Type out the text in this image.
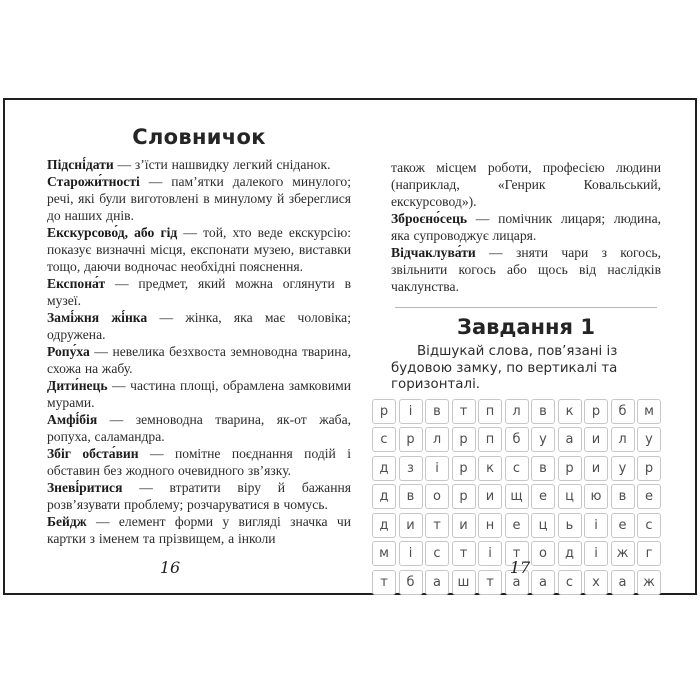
Словничок

Підсні́дати — з’їсти нашвидку легкий сніданок.

Старожи́тності — пам’ятки далекого минулого; речі, які були виготовлені в минулому й збереглися до наших днів.

Екскурсово́д, або гід — той, хто веде екскурсію: показує визначні місця, експонати музею, виставки тощо, даючи водночас необхідні пояснення.

Експона́т — предмет, який можна оглянути в музеї.

Замі́жня жі́нка — жінка, яка має чоловіка; одружена.

Ропу́ха — невелика безхвоста земноводна тварина, схожа на жабу.

Дити́нець — частина площі, обрамлена замковими мурами.

Амфі́бія — земноводна тварина, як-от жаба, ропуха, саламандра.

Збіг обста́вин — помітне поєднання подій і обставин без жодного очевидного зв’язку.

Зневі́ритися — втратити віру й бажання розв’язувати проблему; розчаруватися в чомусь.

Бейдж — елемент форми у вигляді значка чи картки з іменем та прізвищем, а інколи

16

також місцем роботи, професією людини (наприклад, «Генрик Ковальський, екскурсовод»).

Зброєно́сець — помічник лицаря; людина, яка супроводжує лицаря.

Відчаклува́ти — зняти чари з когось, звільнити когось або щось від наслідків чаклунства.

Завдання 1

Відшукай слова, пов’язані із будовою замку, по вертикалі та горизонталі.

р	і	в	т	п	л	в	к	р	б	м
с	р	л	р	п	б	у	а	и	л	у
д	з	і	р	к	с	в	р	и	у	р
д	в	о	р	и	щ	е	ц	ю	в	е
д	и	т	и	н	е	ц	ь	і	е	с
м	і	с	т	і	т	о	д	і	ж	г
т	б	а	ш	т	а	а	с	х	а	ж
17
